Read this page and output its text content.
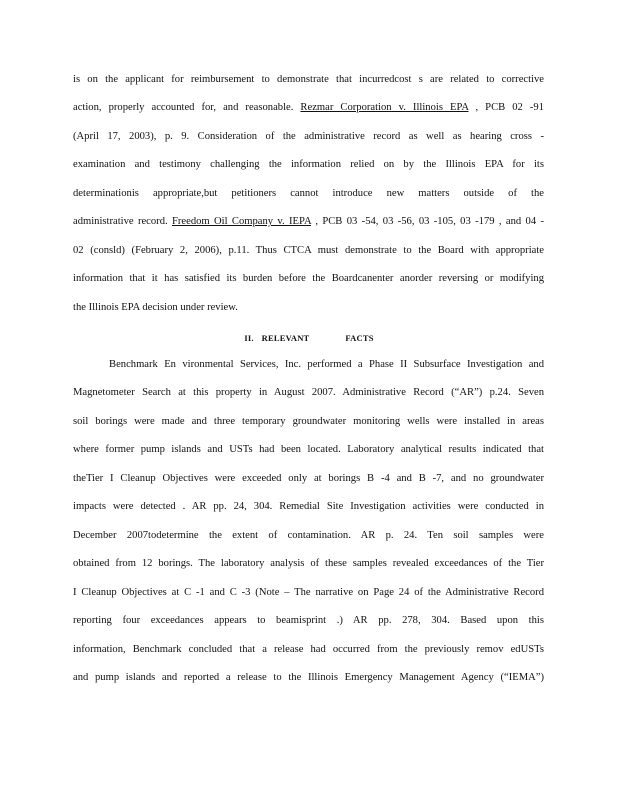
is on the applicant for reimbursement to demonstrate that incurredcost s are related to corrective

action, properly accounted for, and reasonable. Rezmar Corporation v. Illinois EPA , PCB 02 -91

(April 17, 2003), p. 9. Consideration of the administrative record as well as hearing cross -

examination and testimony challenging the information relied on by the Illinois EPA for its

determinationis appropriate,but petitioners cannot introduce new matters outside of the

administrative record. Freedom Oil Company v. IEPA , PCB 03 -54, 03 -56, 03 -105, 03 -179 , and 04 -

02 (consld) (February 2, 2006), p.11. Thus CTCA must demonstrate to the Board with appropriate

information that it has satisfied its burden before the Boardcanenter anorder reversing or modifying

the Illinois EPA decision under review.

II. RELEVANT	FACTS

Benchmark En vironmental Services, Inc. performed a Phase II Subsurface Investigation and

Magnetometer Search at this property in August 2007. Administrative Record (“AR”) p.24. Seven

soil borings were made and three temporary groundwater monitoring wells were installed in areas

where former pump islands and USTs had been located. Laboratory analytical results indicated that

theTier I Cleanup Objectives were exceeded only at borings B -4 and B -7, and no groundwater

impacts were detected . AR pp. 24, 304. Remedial Site Investigation activities were conducted in

December 2007todetermine the extent of contamination. AR p. 24. Ten soil samples were

obtained from 12 borings. The laboratory analysis of these samples revealed exceedances of the Tier

I Cleanup Objectives at C -1 and C -3 (Note – The narrative on Page 24 of the Administrative Record

reporting four exceedances appears to beamisprint .) AR pp. 278, 304. Based upon this

information, Benchmark concluded that a release had occurred from the previously remov edUSTs

and pump islands and reported a release to the Illinois Emergency Management Agency (“IEMA”)
